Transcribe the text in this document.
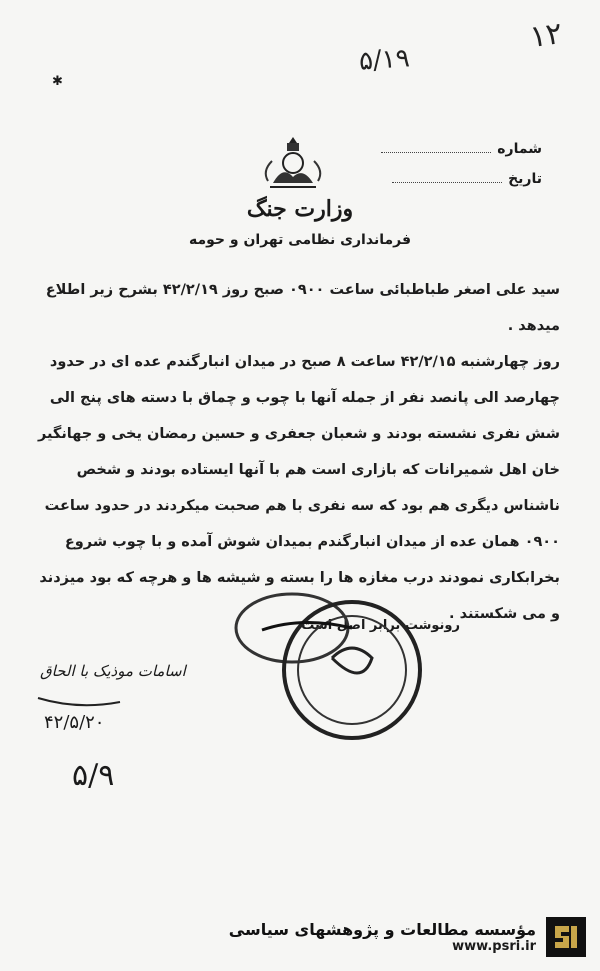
۱۲
۵/۱۹
✱
شماره
تاریخ
وزارت جنگ
فرمانداری نظامی تهران و حومه
سید علی اصغر طباطبائی ساعت ۰۹۰۰ صبح روز ۴۲/۲/۱۹ بشرح زیر اطلاع میدهد .
روز چهارشنبه ۴۲/۲/۱۵ ساعت ۸ صبح در میدان انبارگندم عده ای در حدود چهارصد الی پانصد نفر از جمله آنها با چوب و چماق با دسته های پنج الی شش نفری نشسته بودند و شعبان جعفری و حسین رمضان یخی و جهانگیر خان اهل شمیرانات که بازاری است هم با آنها ایستاده بودند و شخص ناشناس دیگری هم بود که سه نفری با هم صحبت میکردند در حدود ساعت ۰۹۰۰ همان عده از میدان انبارگندم بمیدان شوش آمده و با چوب شروع بخرابکاری نمودند درب مغازه ها را بسته و شیشه ها و هرچه که بود میزدند و می شکستند .
رونوشت برابر اصل است
اسامات موذیک با الحاق
۴۲/۵/۲۰
۵/۹
مؤسسه مطالعات و پژوهشهای سیاسی
www.psri.ir
